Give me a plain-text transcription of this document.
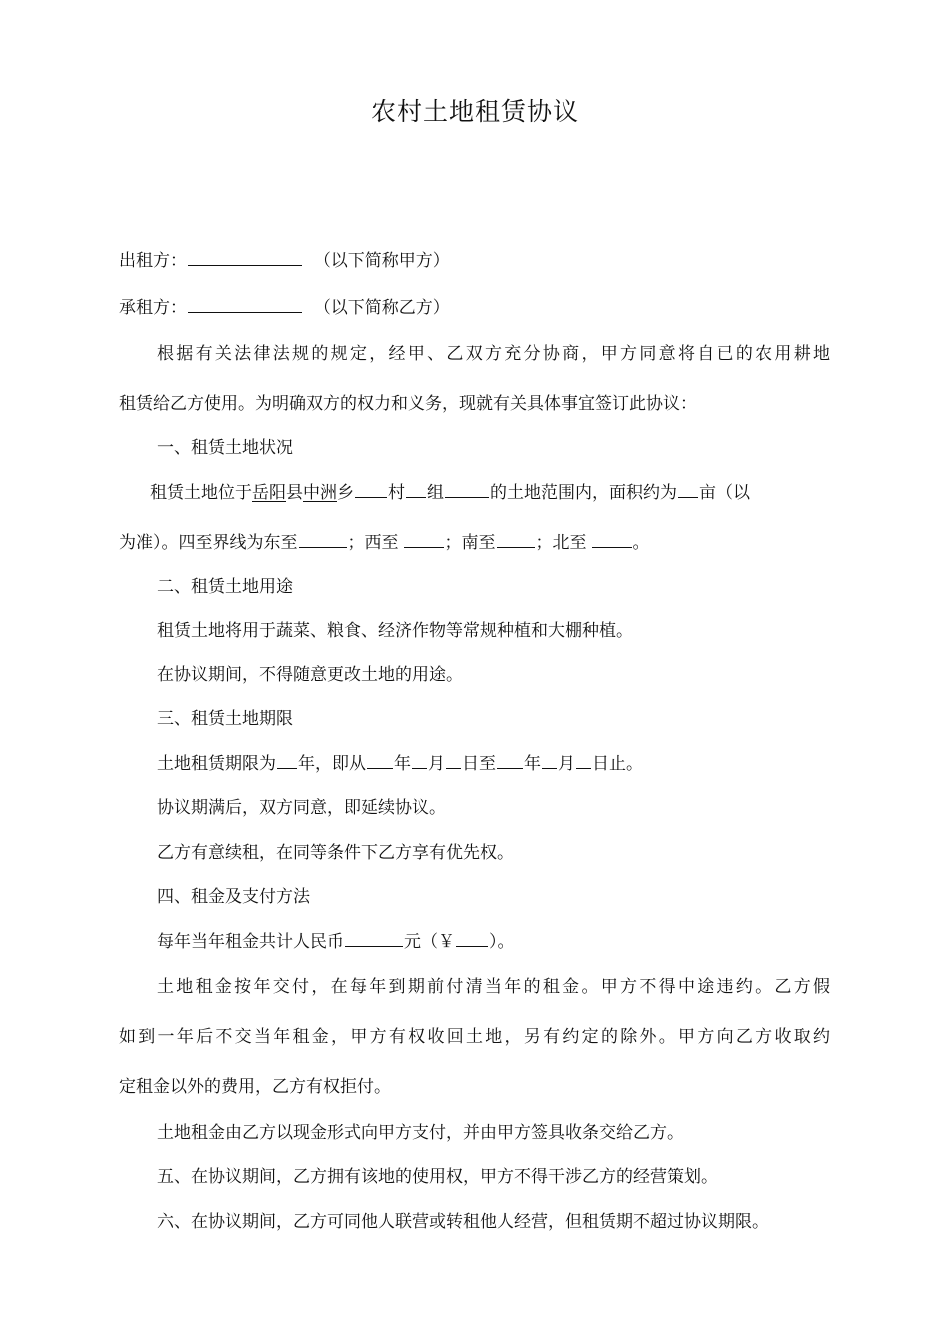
农村土地租赁协议
出租方：	（以下简称甲方）
承租方：	（以下简称乙方）
根据有关法律法规的规定，经甲、乙双方充分协商，甲方同意将自已的农用耕地
租赁给乙方使用。为明确双方的权力和义务，现就有关具体事宜签订此协议：
一、租赁土地状况
租赁土地位于岳阳县中洲乡 村 组	的土地范围内，面积约为 亩（以
为准）。四至界线为东至	；西至	；南至 ；北至	。
二、租赁土地用途
租赁土地将用于蔬菜、粮食、经济作物等常规种植和大棚种植。
在协议期间，不得随意更改土地的用途。
三、租赁土地期限
土地租赁期限为 年，即从 年 月 日至 年 月 日止。
协议期满后，双方同意，即延续协议。
乙方有意续租，在同等条件下乙方享有优先权。
四、租金及支付方法
每年当年租金共计人民币	元（￥ ）。
土地租金按年交付，在每年到期前付清当年的租金。甲方不得中途违约。乙方假
如到一年后不交当年租金，甲方有权收回土地，另有约定的除外。甲方向乙方收取约
定租金以外的费用，乙方有权拒付。
土地租金由乙方以现金形式向甲方支付，并由甲方签具收条交给乙方。
五、在协议期间，乙方拥有该地的使用权，甲方不得干涉乙方的经营策划。
六、在协议期间，乙方可同他人联营或转租他人经营，但租赁期不超过协议期限。
